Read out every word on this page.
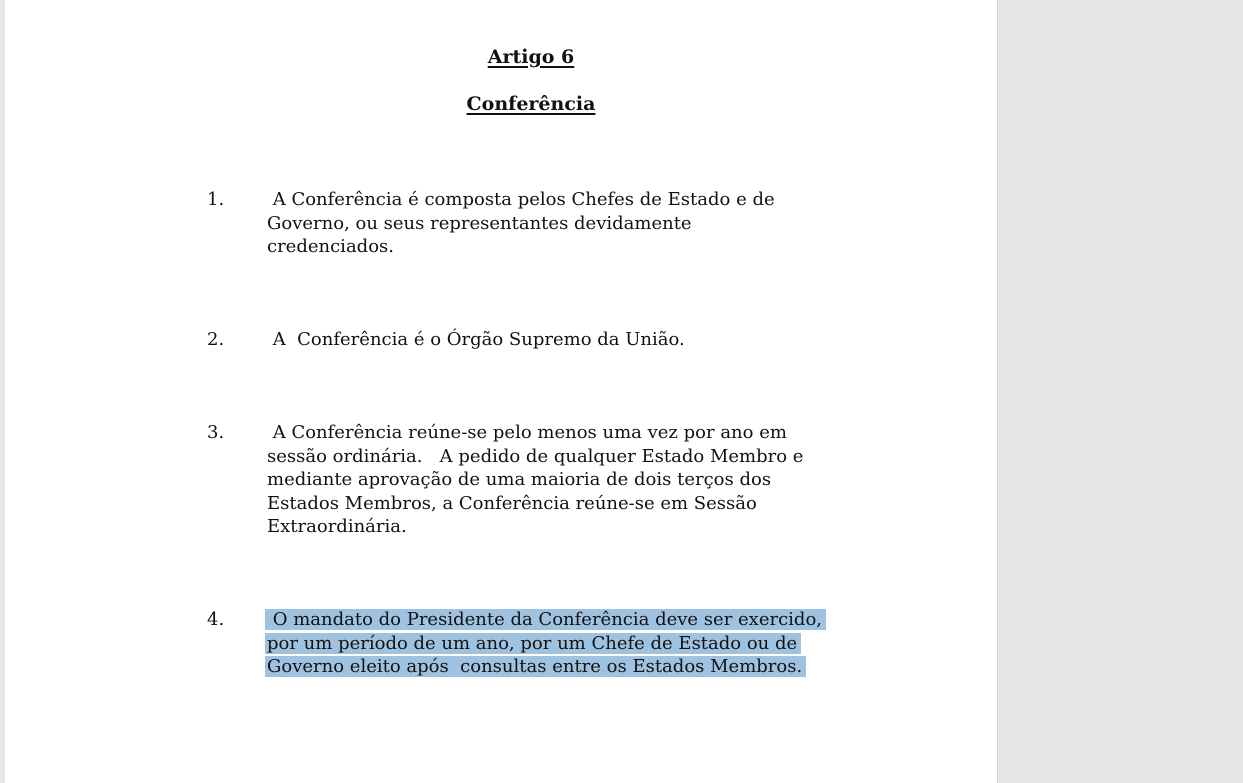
Artigo 6
Conferência
1. A Conferência é composta pelos Chefes de Estado e de
Governo, ou seus representantes devidamente
credenciados.

2. A  Conferência é o Órgão Supremo da União.

3. A Conferência reúne-se pelo menos uma vez por ano em
sessão ordinária.   A pedido de qualquer Estado Membro e
mediante aprovação de uma maioria de dois terços dos
Estados Membros, a Conferência reúne-se em Sessão
Extraordinária.

4. O mandato do Presidente da Conferência deve ser exercido,
por um período de um ano, por um Chefe de Estado ou de
Governo eleito após  consultas entre os Estados Membros.
